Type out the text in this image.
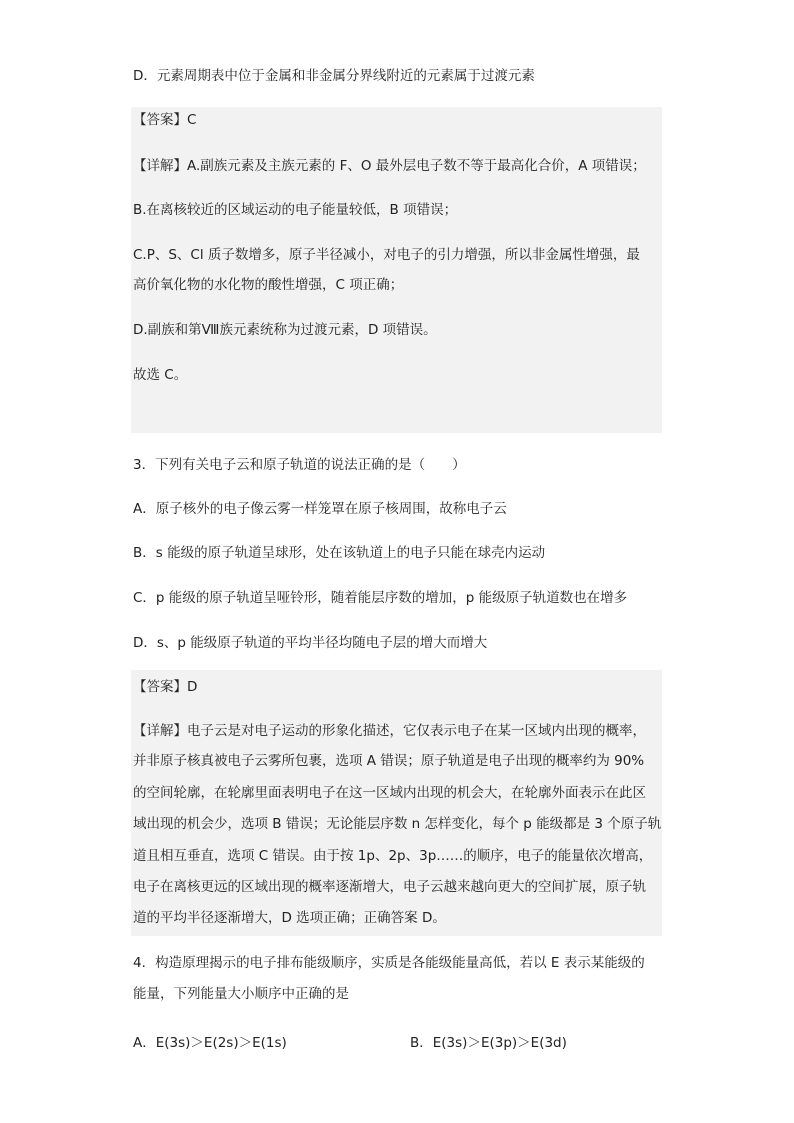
D．元素周期表中位于金属和非金属分界线附近的元素属于过渡元素
【答案】C
【详解】A.副族元素及主族元素的 F、O 最外层电子数不等于最高化合价，A 项错误；
B.在离核较近的区域运动的电子能量较低，B 项错误；
C.P、S、Cl 质子数增多，原子半径减小，对电子的引力增强，所以非金属性增强，最
高价氧化物的水化物的酸性增强，C 项正确；
D.副族和第Ⅷ族元素统称为过渡元素，D 项错误。
故选 C。
3．下列有关电子云和原子轨道的说法正确的是（　　）
A．原子核外的电子像云雾一样笼罩在原子核周围，故称电子云
B．s 能级的原子轨道呈球形，处在该轨道上的电子只能在球壳内运动
C．p 能级的原子轨道呈哑铃形，随着能层序数的增加，p 能级原子轨道数也在增多
D．s、p 能级原子轨道的平均半径均随电子层的增大而增大
【答案】D
【详解】电子云是对电子运动的形象化描述，它仅表示电子在某一区域内出现的概率，
并非原子核真被电子云雾所包裹，选项 A 错误；原子轨道是电子出现的概率约为 90%
的空间轮廓，在轮廓里面表明电子在这一区域内出现的机会大，在轮廓外面表示在此区
域出现的机会少，选项 B 错误；无论能层序数 n 怎样变化，每个 p 能级都是 3 个原子轨
道且相互垂直，选项 C 错误。由于按 1p、2p、3p……的顺序，电子的能量依次增高，
电子在离核更远的区域出现的概率逐渐增大，电子云越来越向更大的空间扩展，原子轨
道的平均半径逐渐增大，D 选项正确；正确答案 D。
4．构造原理揭示的电子排布能级顺序，实质是各能级能量高低，若以 E 表示某能级的
能量，下列能量大小顺序中正确的是
A．E(3s)＞E(2s)＞E(1s)	B．E(3s)＞E(3p)＞E(3d)
